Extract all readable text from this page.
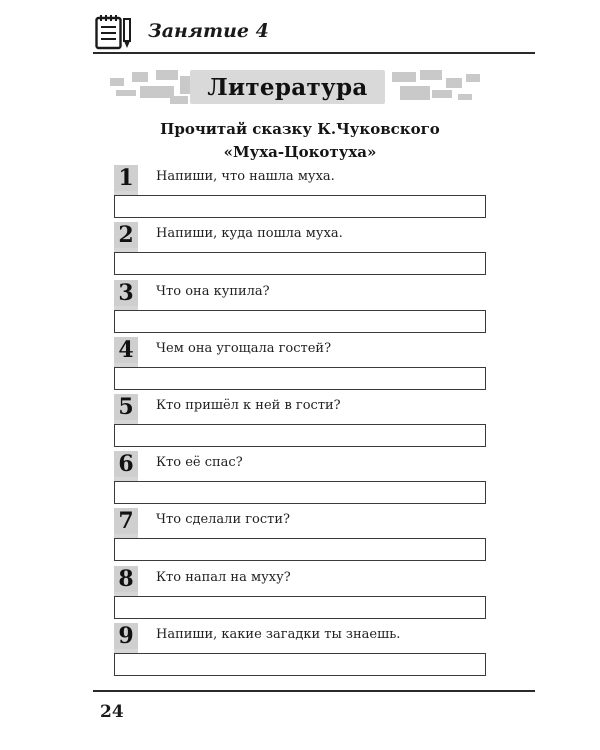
Занятие 4
Литература
Прочитай сказку К.Чуковского
«Муха-Цокотуха»
1	Напиши, что нашла муха.
2	Напиши, куда пошла муха.
3	Что она купила?
4	Чем она угощала гостей?
5	Кто пришёл к ней в гости?
6	Кто её спас?
7	Что сделали гости?
8	Кто напал на муху?
9	Напиши, какие загадки ты знаешь.
24
